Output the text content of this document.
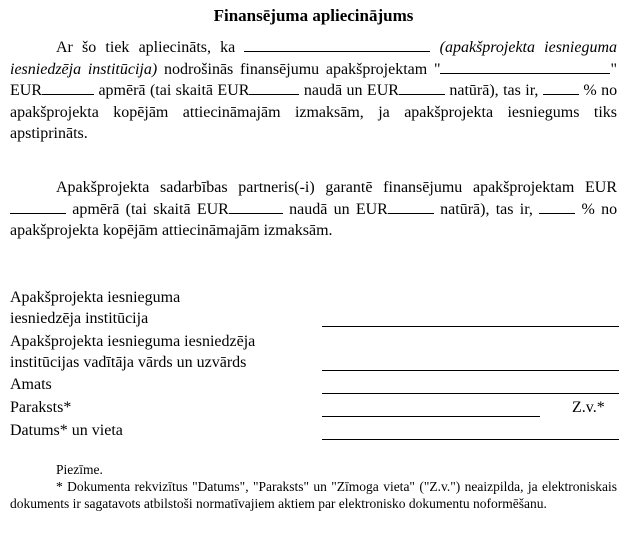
Finansējuma apliecinājums
Ar šo tiek apliecināts, ka	(apakšprojekta iesnieguma iesniedzēja institūcija) nodrošinās finansējumu apakšprojektam "	" EUR	apmērā (tai skaitā EUR	naudā un EUR	natūrā), tas ir,	% no apakšprojekta kopējām attiecināmajām izmaksām, ja apakšprojekta iesniegums tiks apstiprināts.
Apakšprojekta sadarbības partneris(-i) garantē finansējumu apakšprojektam EUR apmērā (tai skaitā EUR	naudā un EUR	natūrā), tas ir,	% no apakšprojekta kopējām attiecināmajām izmaksām.
Apakšprojekta iesnieguma
iesniedzēja institūcija
Apakšprojekta iesnieguma iesniedzēja
institūcijas vadītāja vārds un uzvārds
Amats
Paraksts*	Z.v.*
Datums* un vieta
Piezīme.
* Dokumenta rekvizītus "Datums", "Paraksts" un "Zīmoga vieta" ("Z.v.") neaizpilda, ja elektroniskais dokuments ir sagatavots atbilstoši normatīvajiem aktiem par elektronisko dokumentu noformēšanu.
